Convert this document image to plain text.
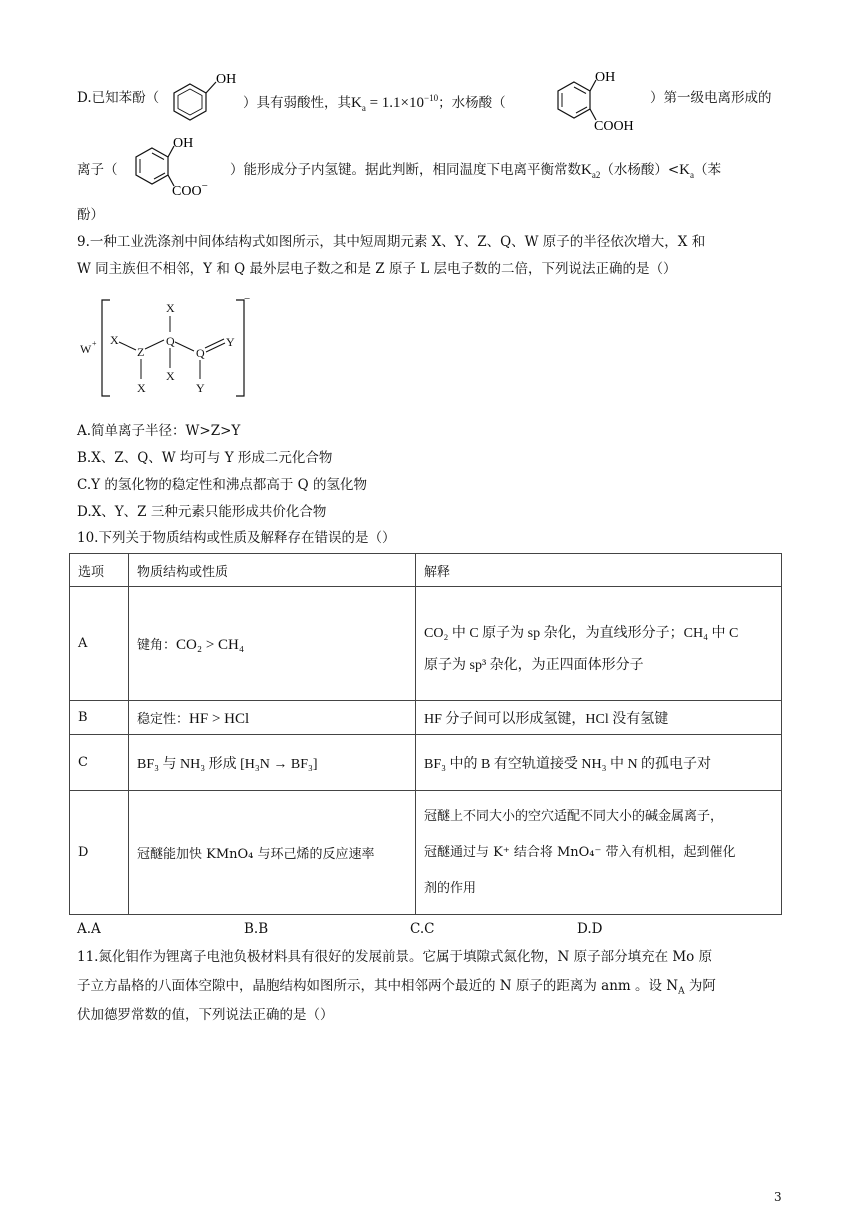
D.已知苯酚（
OH
）具有弱酸性，其$K_a = 1.1\times 10^{-10}$；水杨酸（
OH
COOH
）第一级电离形成的
离子（
OH
COO−
）能形成分子内氢键。据此判断，相同温度下电离平衡常数$K_{a2}$（水杨酸）$<K_a$（苯
酚）
9.一种工业洗涤剂中间体结构式如图所示，其中短周期元素 X、Y、Z、Q、W 原子的半径依次增大，X 和
W 同主族但不相邻，Y 和 Q 最外层电子数之和是 Z 原子 L 层电子数的二倍，下列说法正确的是（）
W +
−
X
Z
Q
Q
X
X
X
Y
Y
A.简单离子半径：W>Z>Y
B.X、Z、Q、W 均可与 Y 形成二元化合物
C.Y 的氢化物的稳定性和沸点都高于 Q 的氢化物
D.X、Y、Z 三种元素只能形成共价化合物
10.下列关于物质结构或性质及解释存在错误的是（）
选项	物质结构或性质	解释
A	键角：CO₂ > CH₄	CO₂ 中 C 原子为 sp 杂化，为直线形分子；CH₄ 中 C
原子为 sp³ 杂化，为正四面体形分子

B	稳定性：HF > HCl	HF 分子间可以形成氢键，HCl 没有氢键
C	BF₃ 与 NH₃ 形成 [H₃N → BF₃]	BF₃ 中的 B 有空轨道接受 NH₃ 中 N 的孤电子对
D	冠醚能加快 KMnO₄ 与环己烯的反应速率	冠醚上不同大小的空穴适配不同大小的碱金属离子，
冠醚通过与 K⁺ 结合将 MnO₄⁻ 带入有机相，起到催化
剂的作用
A.A	B.B	C.C	D.D
11.氮化钼作为锂离子电池负极材料具有很好的发展前景。它属于填隙式氮化物，N 原子部分填充在 Mo 原
子立方晶格的八面体空隙中，晶胞结构如图所示，其中相邻两个最近的 N 原子的距离为 anm 。设 $N_A$ 为阿
伏加德罗常数的值，下列说法正确的是（）
3
